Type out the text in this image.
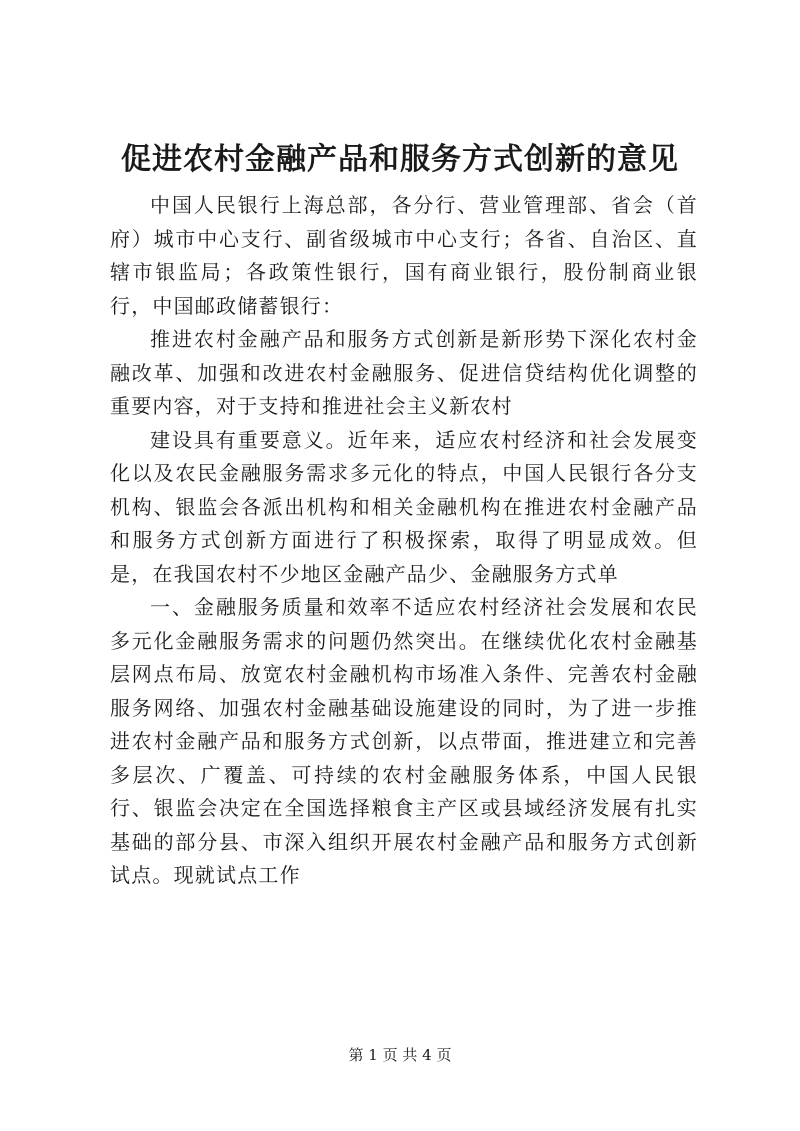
促进农村金融产品和服务方式创新的意见

中国人民银行上海总部，各分行、营业管理部、省会（首府）城市中心支行、副省级城市中心支行；各省、自治区、直辖市银监局；各政策性银行，国有商业银行，股份制商业银行，中国邮政储蓄银行：

推进农村金融产品和服务方式创新是新形势下深化农村金融改革、加强和改进农村金融服务、促进信贷结构优化调整的重要内容，对于支持和推进社会主义新农村

建设具有重要意义。近年来，适应农村经济和社会发展变化以及农民金融服务需求多元化的特点，中国人民银行各分支机构、银监会各派出机构和相关金融机构在推进农村金融产品和服务方式创新方面进行了积极探索，取得了明显成效。但是，在我国农村不少地区金融产品少、金融服务方式单

一、金融服务质量和效率不适应农村经济社会发展和农民多元化金融服务需求的问题仍然突出。在继续优化农村金融基层网点布局、放宽农村金融机构市场准入条件、完善农村金融服务网络、加强农村金融基础设施建设的同时，为了进一步推进农村金融产品和服务方式创新，以点带面，推进建立和完善多层次、广覆盖、可持续的农村金融服务体系，中国人民银行、银监会决定在全国选择粮食主产区或县域经济发展有扎实基础的部分县、市深入组织开展农村金融产品和服务方式创新试点。现就试点工作

第 1 页 共 4 页
